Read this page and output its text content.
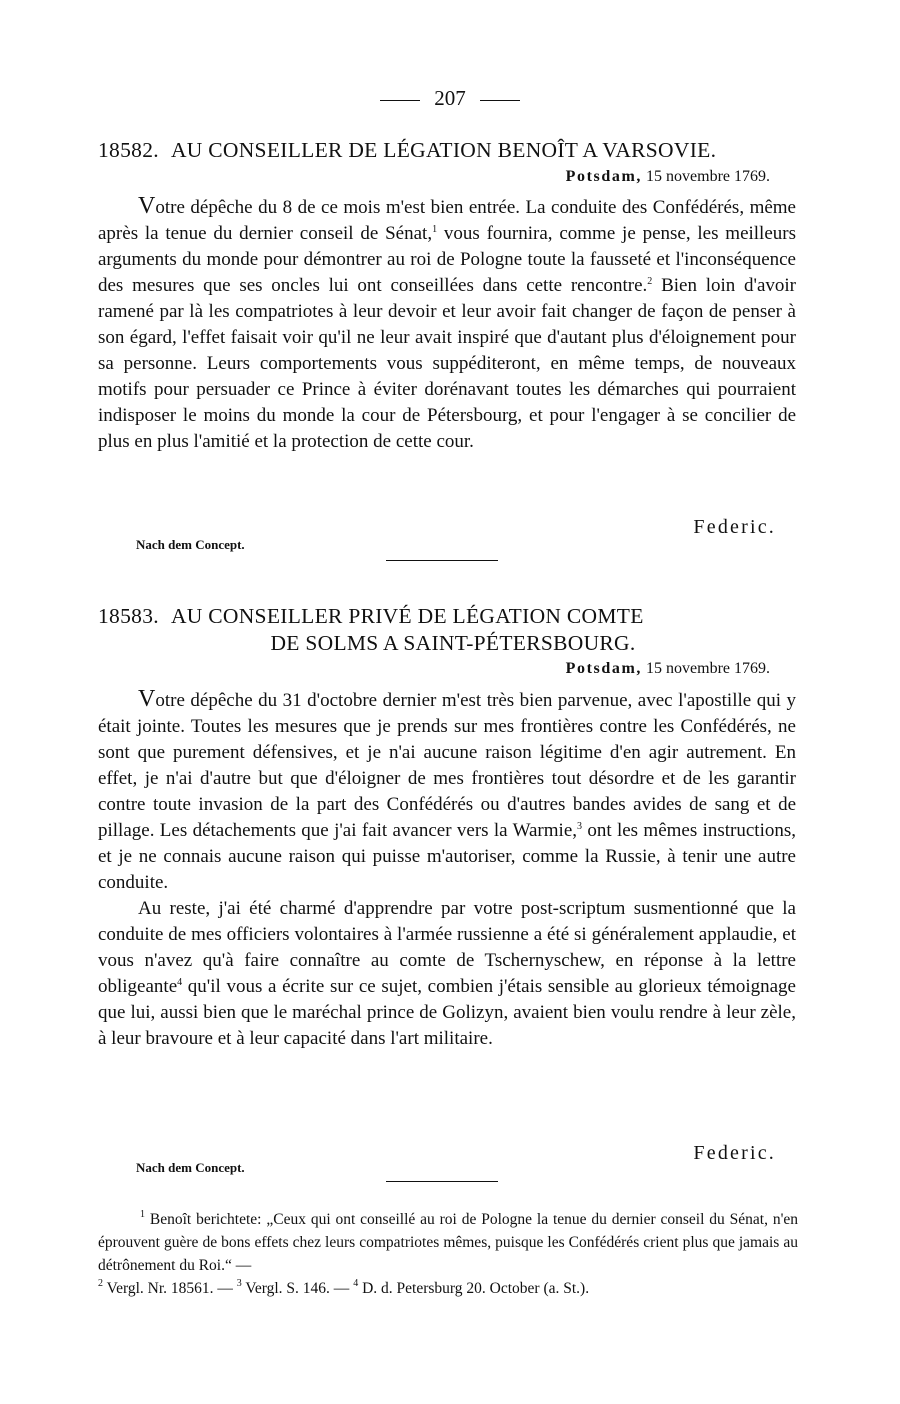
207
18582. AU CONSEILLER DE LÉGATION BENOÎT A VARSOVIE.
Potsdam, 15 novembre 1769.

Votre dépêche du 8 de ce mois m'est bien entrée. La conduite des Confédérés, même après la tenue du dernier conseil de Sénat,$^1$ vous fournira, comme je pense, les meilleurs arguments du monde pour démontrer au roi de Pologne toute la fausseté et l'inconséquence des mesures que ses oncles lui ont conseillées dans cette rencontre.$^2$ Bien loin d'avoir ramené par là les compatriotes à leur devoir et leur avoir fait changer de façon de penser à son égard, l'effet faisait voir qu'il ne leur avait inspiré que d'autant plus d'éloignement pour sa personne. Leurs comportements vous suppéditeront, en même temps, de nouveaux motifs pour persuader ce Prince à éviter dorénavant toutes les démarches qui pourraient indisposer le moins du monde la cour de Pétersbourg, et pour l'engager à se concilier de plus en plus l'amitié et la protection de cette cour.

Federic.
Nach dem Concept.
18583. AU CONSEILLER PRIVÉ DE LÉGATION COMTE
DE SOLMS A SAINT-PÉTERSBOURG.
Potsdam, 15 novembre 1769.

Votre dépêche du 31 d'octobre dernier m'est très bien parvenue, avec l'apostille qui y était jointe. Toutes les mesures que je prends sur mes frontières contre les Confédérés, ne sont que purement défensives, et je n'ai aucune raison légitime d'en agir autrement. En effet, je n'ai d'autre but que d'éloigner de mes frontières tout désordre et de les garantir contre toute invasion de la part des Confédérés ou d'autres bandes avides de sang et de pillage. Les détachements que j'ai fait avancer vers la Warmie,$^3$ ont les mêmes instructions, et je ne connais aucune raison qui puisse m'autoriser, comme la Russie, à tenir une autre conduite.

Au reste, j'ai été charmé d'apprendre par votre post-scriptum susmentionné que la conduite de mes officiers volontaires à l'armée russienne a été si généralement applaudie, et vous n'avez qu'à faire connaître au comte de Tschernyschew, en réponse à la lettre obligeante$^4$ qu'il vous a écrite sur ce sujet, combien j'étais sensible au glorieux témoignage que lui, aussi bien que le maréchal prince de Golizyn, avaient bien voulu rendre à leur zèle, à leur bravoure et à leur capacité dans l'art militaire.

Federic.
Nach dem Concept.
$^1$ Benoît berichtete: „Ceux qui ont conseillé au roi de Pologne la tenue du dernier conseil du Sénat, n'en éprouvent guère de bons effets chez leurs compatriotes mêmes, puisque les Confédérés crient plus que jamais au détrônement du Roi.“ —
$^2$ Vergl. Nr. 18561. — $^3$ Vergl. S. 146. — $^4$ D. d. Petersburg 20. October (a. St.).
